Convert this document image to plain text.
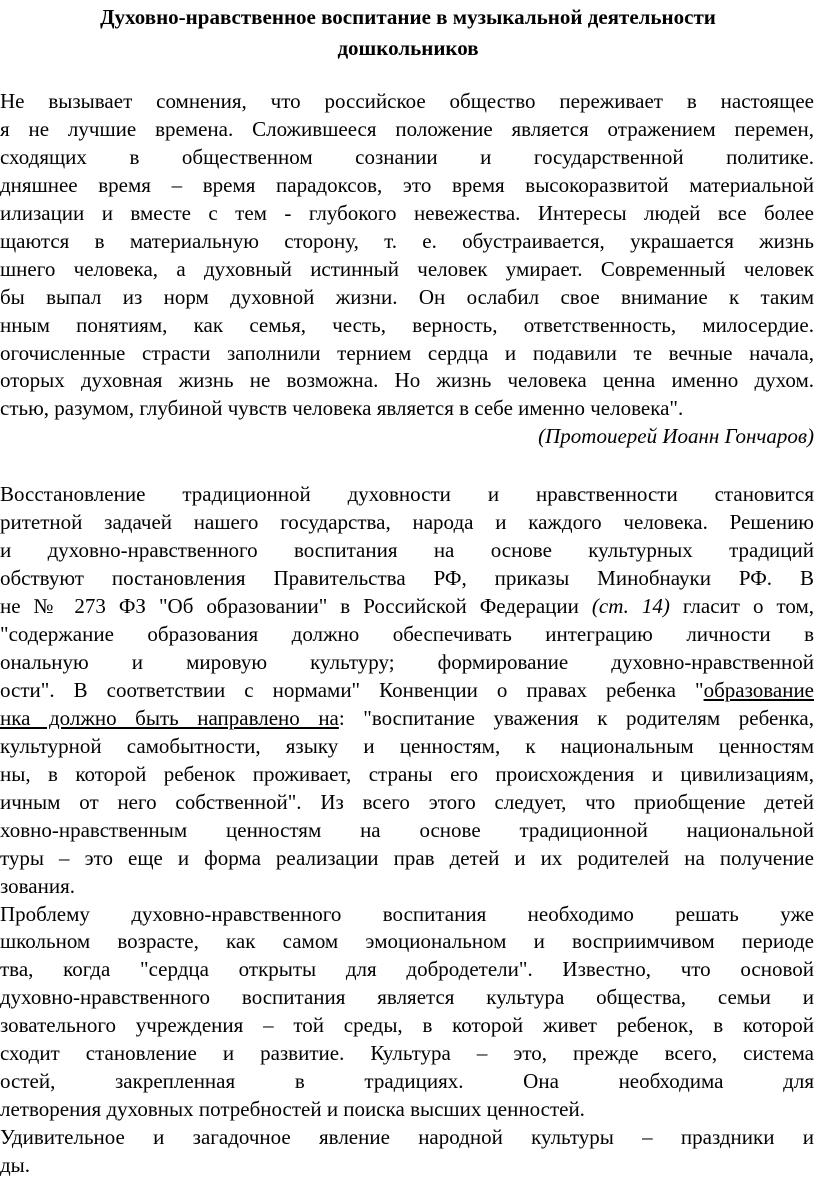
Духовно-нравственное воспитание в музыкальной деятельности
дошкольников
Не вызывает сомнения, что российское общество переживает в настоящее
я не лучшие времена. Сложившееся положение является отражением перемен,
сходящих в общественном сознании и государственной политике.
дняшнее время – время парадоксов, это время высокоразвитой материальной
илизации и вместе с тем - глубокого невежества. Интересы людей все более
щаются в материальную сторону, т. е. обустраивается, украшается жизнь
шнего человека, а духовный истинный человек умирает. Современный человек
бы выпал из норм духовной жизни. Он ослабил свое внимание к таким
нным понятиям, как семья, честь, верность, ответственность, милосердие.
огочисленные страсти заполнили тернием сердца и подавили те вечные начала,
оторых духовная жизнь не возможна. Но жизнь человека ценна именно духом.
стью, разумом, глубиной чувств человека является в себе именно человека".
(Протоиерей Иоанн Гончаров)
Восстановление традиционной духовности и нравственности становится
ритетной задачей нашего государства, народа и каждого человека. Решению
и духовно-нравственного воспитания на основе культурных традиций
обствуют постановления Правительства РФ, приказы Минобнауки РФ. В
не № 273 ФЗ "Об образовании" в Российской Федерации (ст. 14) гласит о том,
"содержание образования должно обеспечивать интеграцию личности в
ональную и мировую культуру; формирование духовно-нравственной
ости". В соответствии с нормами" Конвенции о правах ребенка "образование
нка должно быть направлено на: "воспитание уважения к родителям ребенка,
культурной самобытности, языку и ценностям, к национальным ценностям
ны, в которой ребенок проживает, страны его происхождения и цивилизациям,
ичным от него собственной". Из всего этого следует, что приобщение детей
ховно-нравственным ценностям на основе традиционной национальной
туры – это еще и форма реализации прав детей и их родителей на получение
зования.
Проблему духовно-нравственного воспитания необходимо решать уже
школьном возрасте, как самом эмоциональном и восприимчивом периоде
тва, когда "сердца открыты для добродетели". Известно, что основой
духовно-нравственного воспитания является культура общества, семьи и
зовательного учреждения – той среды, в которой живет ребенок, в которой
сходит становление и развитие. Культура – это, прежде всего, система
остей, закрепленная в традициях. Она необходима для
летворения духовных потребностей и поиска высших ценностей.
Удивительное и загадочное явление народной культуры – праздники и
ды.
